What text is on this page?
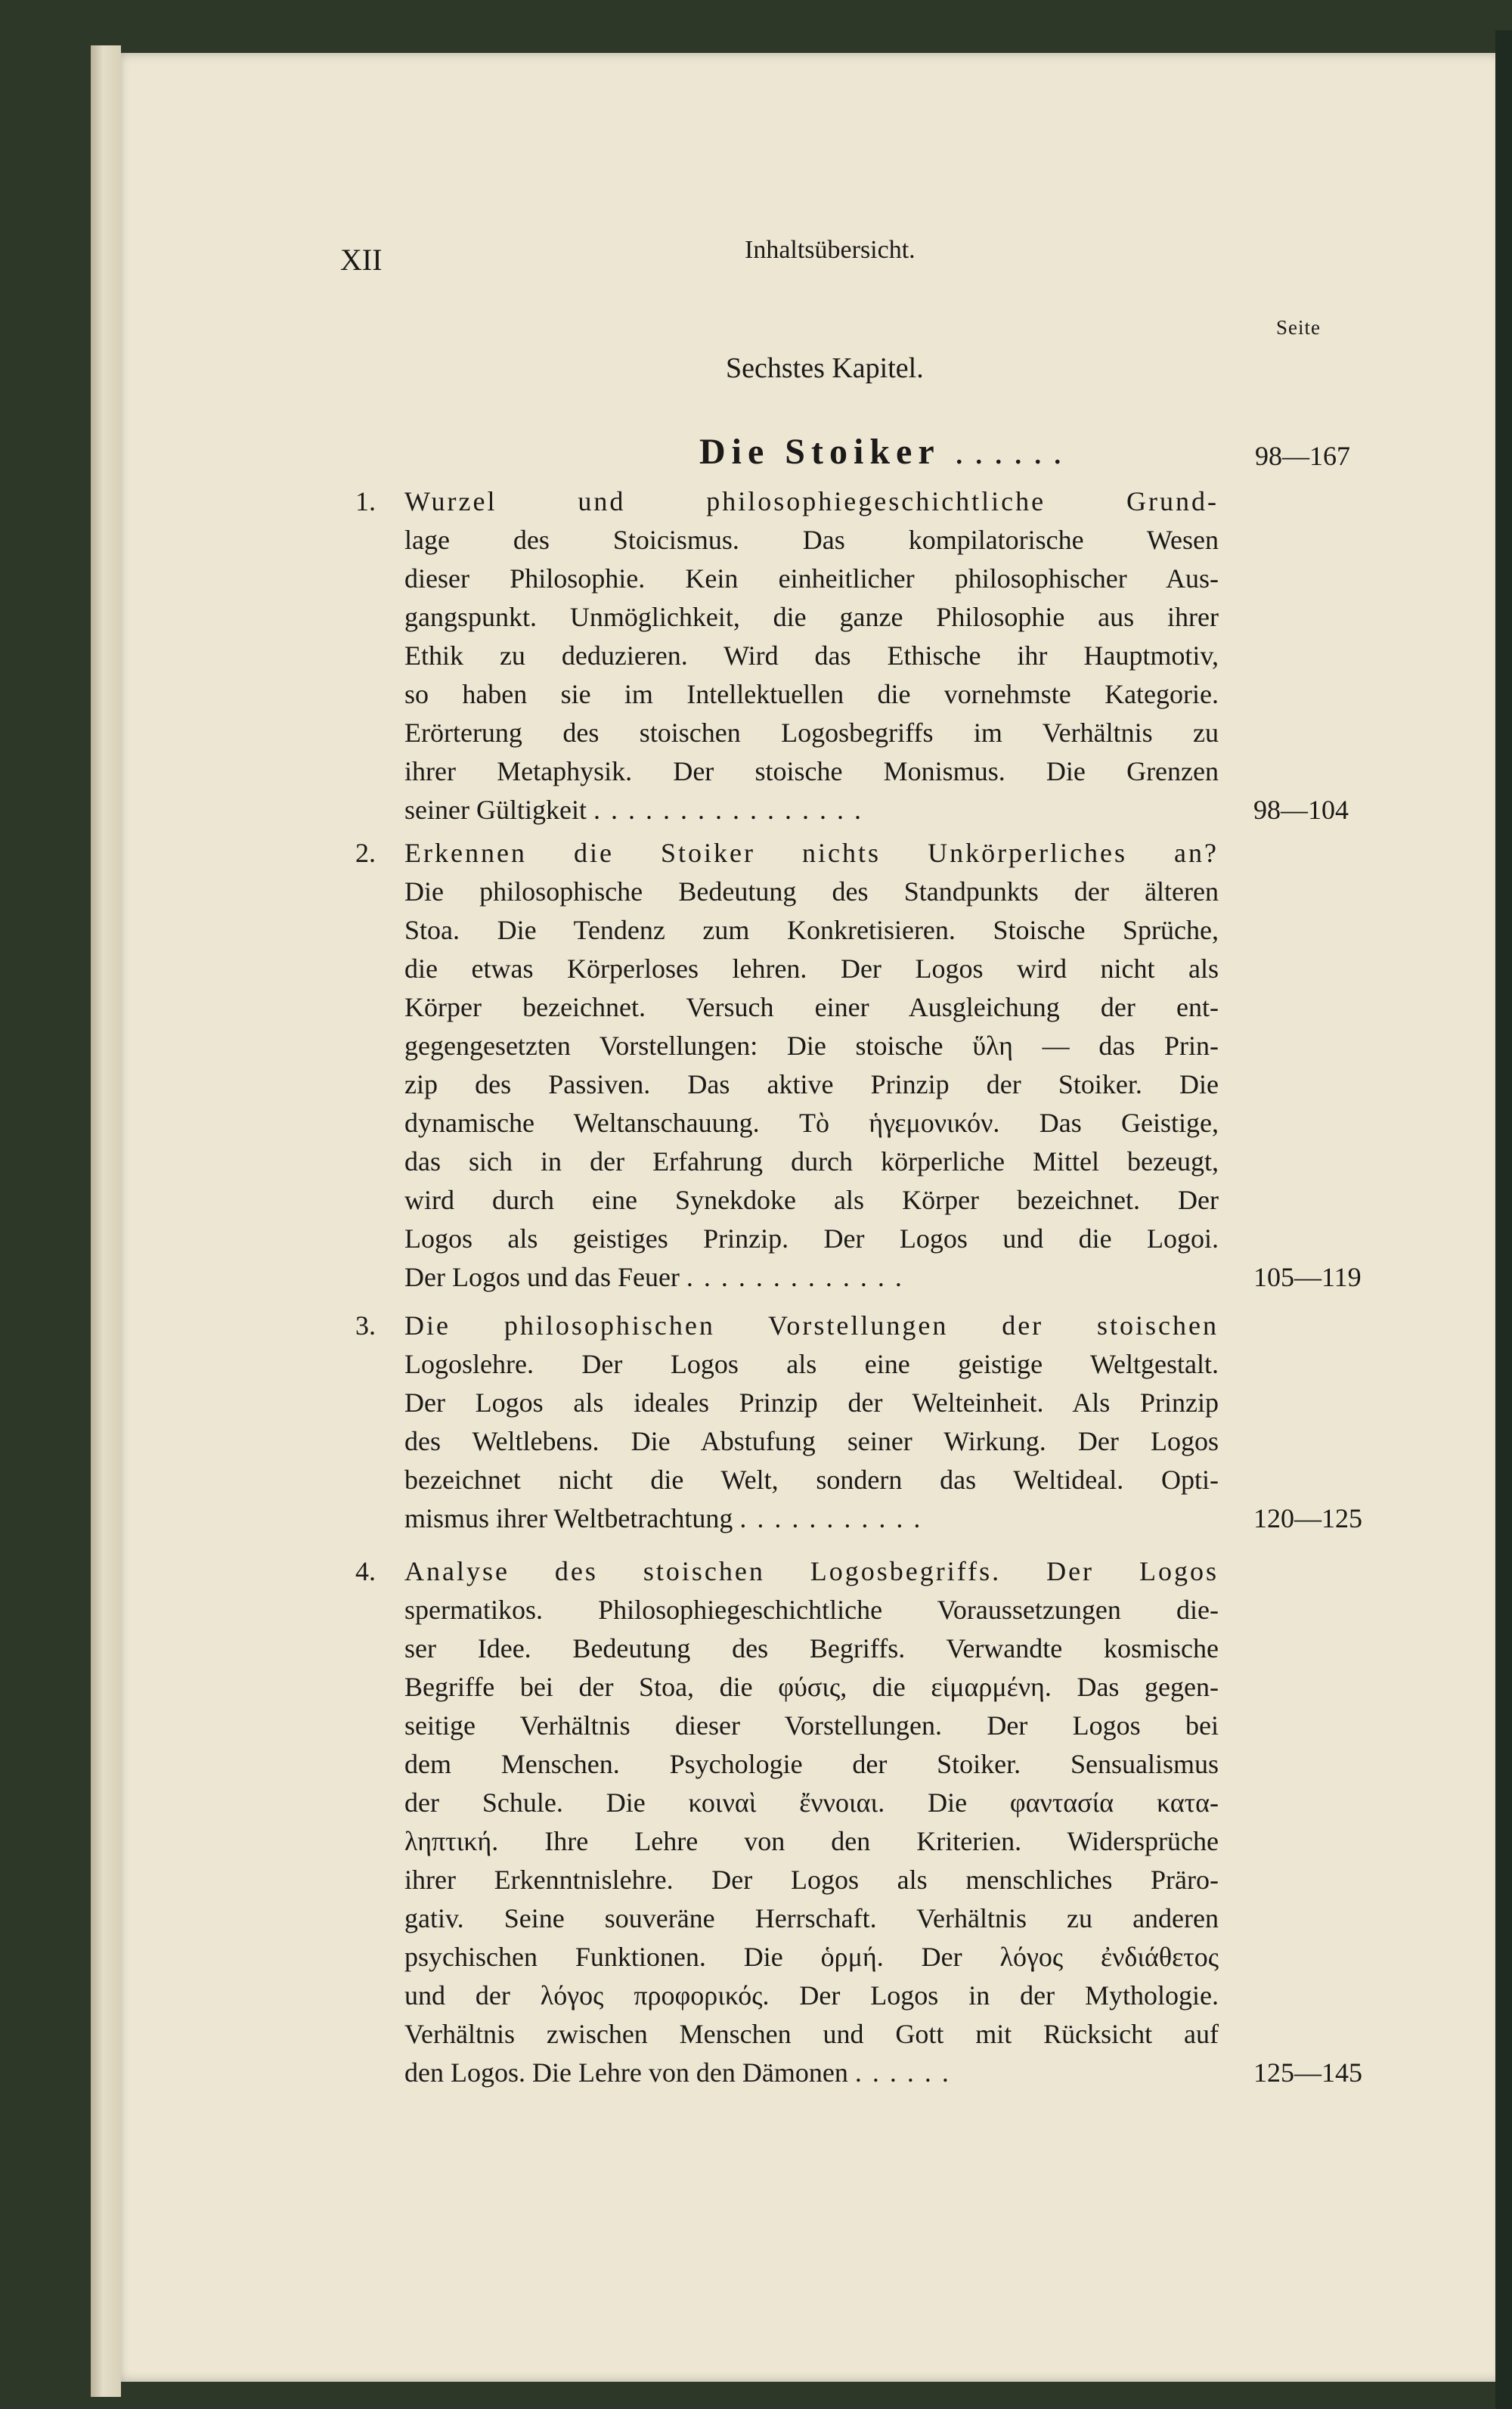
XII	Inhaltsübersicht.
Seite
Sechstes Kapitel.
Die Stoiker ......	98—167
1. Wurzel und philosophiegeschichtliche Grund-
lage des Stoicismus. Das kompilatorische Wesen
dieser Philosophie. Kein einheitlicher philosophischer Aus-
gangspunkt. Unmöglichkeit, die ganze Philosophie aus ihrer
Ethik zu deduzieren. Wird das Ethische ihr Hauptmotiv,
so haben sie im Intellektuellen die vornehmste Kategorie.
Erörterung des stoischen Logosbegriffs im Verhältnis zu
ihrer Metaphysik. Der stoische Monismus. Die Grenzen
seiner Gültigkeit ................	98—104
2. Erkennen die Stoiker nichts Unkörperliches an?
Die philosophische Bedeutung des Standpunkts der älteren
Stoa. Die Tendenz zum Konkretisieren. Stoische Sprüche,
die etwas Körperloses lehren. Der Logos wird nicht als
Körper bezeichnet. Versuch einer Ausgleichung der ent-
gegengesetzten Vorstellungen: Die stoische ὕλη — das Prin-
zip des Passiven. Das aktive Prinzip der Stoiker. Die
dynamische Weltanschauung. Τὸ ἡγεμονικόν. Das Geistige,
das sich in der Erfahrung durch körperliche Mittel bezeugt,
wird durch eine Synekdoke als Körper bezeichnet. Der
Logos als geistiges Prinzip. Der Logos und die Logoi.
Der Logos und das Feuer .............	105—119
3. Die philosophischen Vorstellungen der stoischen
Logoslehre. Der Logos als eine geistige Weltgestalt.
Der Logos als ideales Prinzip der Welteinheit. Als Prinzip
des Weltlebens. Die Abstufung seiner Wirkung. Der Logos
bezeichnet nicht die Welt, sondern das Weltideal. Opti-
mismus ihrer Weltbetrachtung ...........	120—125
4. Analyse des stoischen Logosbegriffs. Der Logos
spermatikos. Philosophiegeschichtliche Voraussetzungen die-
ser Idee. Bedeutung des Begriffs. Verwandte kosmische
Begriffe bei der Stoa, die φύσις, die εἱμαρμένη. Das gegen-
seitige Verhältnis dieser Vorstellungen. Der Logos bei
dem Menschen. Psychologie der Stoiker. Sensualismus
der Schule. Die κοιναὶ ἔννοιαι. Die φαντασία κατα-
ληπτική. Ihre Lehre von den Kriterien. Widersprüche
ihrer Erkenntnislehre. Der Logos als menschliches Präro-
gativ. Seine souveräne Herrschaft. Verhältnis zu anderen
psychischen Funktionen. Die ὁρμή. Der λόγος ἐνδιάθετος
und der λόγος προφορικός. Der Logos in der Mythologie.
Verhältnis zwischen Menschen und Gott mit Rücksicht auf
den Logos. Die Lehre von den Dämonen ......	125—145
